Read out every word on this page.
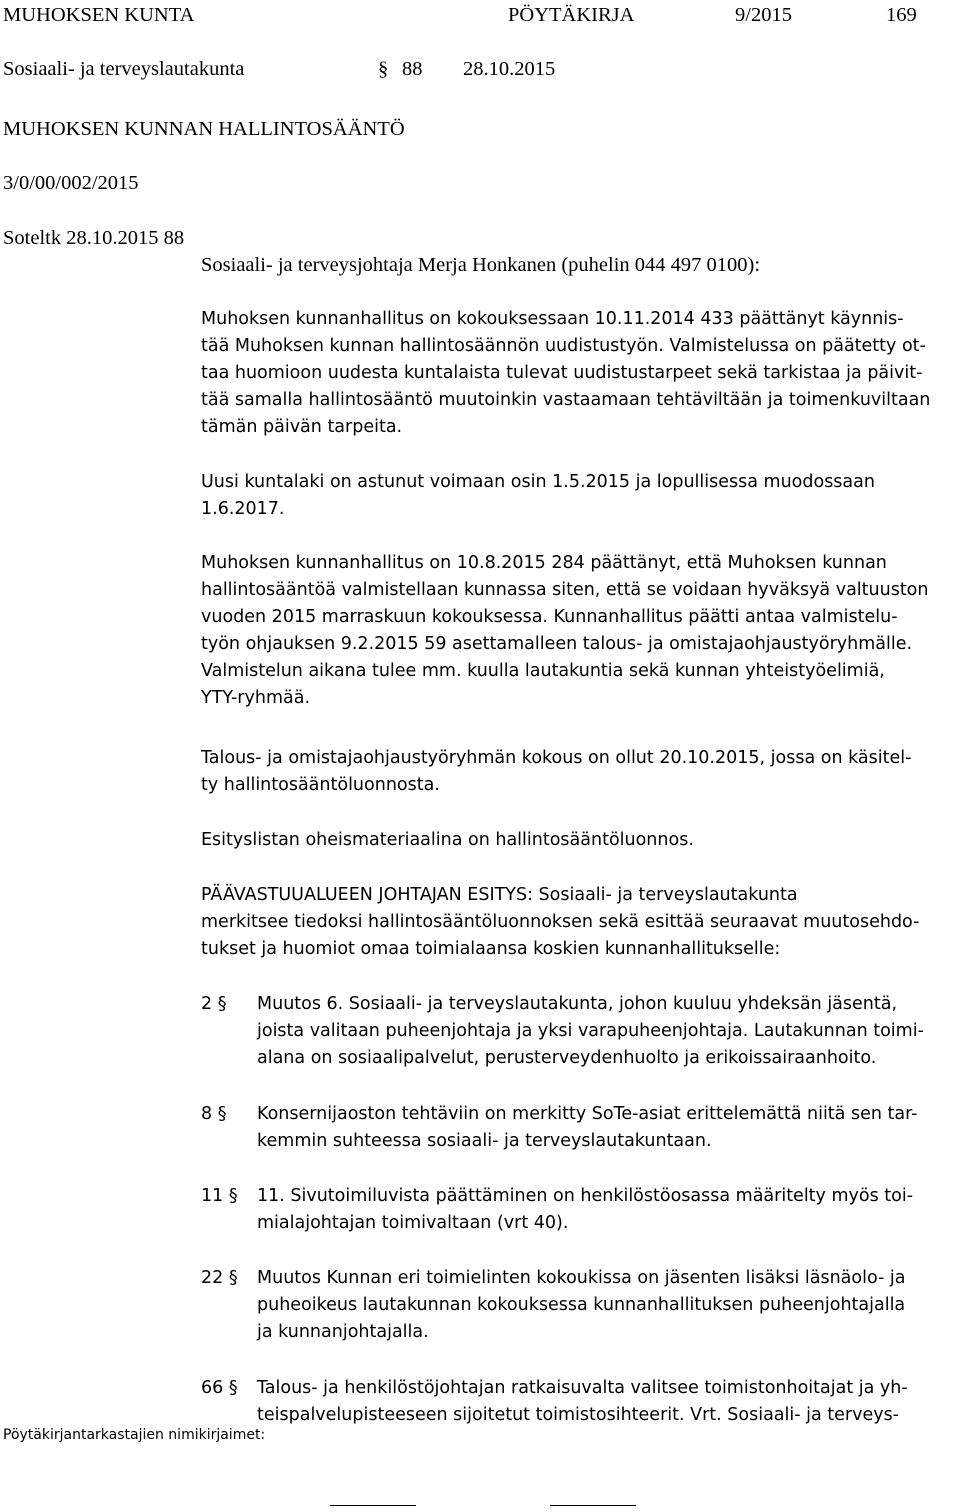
MUHOKSEN KUNTA	PÖYTÄKIRJA	9/2015	169
Sosiaali- ja terveyslautakunta	§ 88 28.10.2015
MUHOKSEN KUNNAN HALLINTOSÄÄNTÖ
3/0/00/002/2015
Soteltk 28.10.2015 88
Sosiaali- ja terveysjohtaja Merja Honkanen (puhelin 044 497 0100):
Muhoksen kunnanhallitus on kokouksessaan 10.11.2014 433 päättänyt käynnis-
tää Muhoksen kunnan hallintosäännön uudistustyön. Valmistelussa on päätetty ot-
taa huomioon uudesta kuntalaista tulevat uudistustarpeet sekä tarkistaa ja päivit-
tää samalla hallintosääntö muutoinkin vastaamaan tehtäviltään ja toimenkuviltaan
tämän päivän tarpeita.
Uusi kuntalaki on astunut voimaan osin 1.5.2015 ja lopullisessa muodossaan
1.6.2017.
Muhoksen kunnanhallitus on 10.8.2015 284 päättänyt, että Muhoksen kunnan
hallintosääntöä valmistellaan kunnassa siten, että se voidaan hyväksyä valtuuston
vuoden 2015 marraskuun kokouksessa. Kunnanhallitus päätti antaa valmistelu-
työn ohjauksen 9.2.2015 59 asettamalleen talous- ja omistajaohjaustyöryhmälle.
Valmistelun aikana tulee mm. kuulla lautakuntia sekä kunnan yhteistyöelimiä,
YTY-ryhmää.
Talous- ja omistajaohjaustyöryhmän kokous on ollut 20.10.2015, jossa on käsitel-
ty hallintosääntöluonnosta.
Esityslistan oheismateriaalina on hallintosääntöluonnos.
PÄÄVASTUUALUEEN JOHTAJAN ESITYS: Sosiaali- ja terveyslautakunta
merkitsee tiedoksi hallintosääntöluonnoksen sekä esittää seuraavat muutosehdo-
tukset ja huomiot omaa toimialaansa koskien kunnanhallitukselle:
2 § Muutos 6. Sosiaali- ja terveyslautakunta, johon kuuluu yhdeksän jäsentä,
joista valitaan puheenjohtaja ja yksi varapuheenjohtaja. Lautakunnan toimi-
alana on sosiaalipalvelut, perusterveydenhuolto ja erikoissairaanhoito.
8 § Konsernijaoston tehtäviin on merkitty SoTe-asiat erittelemättä niitä sen tar-
kemmin suhteessa sosiaali- ja terveyslautakuntaan.
11 § 11. Sivutoimiluvista päättäminen on henkilöstöosassa määritelty myös toi-
mialajohtajan toimivaltaan (vrt 40).
22 § Muutos Kunnan eri toimielinten kokoukissa on jäsenten lisäksi läsnäolo- ja
puheoikeus lautakunnan kokouksessa kunnanhallituksen puheenjohtajalla
ja kunnanjohtajalla.
66 § Talous- ja henkilöstöjohtajan ratkaisuvalta valitsee toimistonhoitajat ja yh-
teispalvelupisteeseen sijoitetut toimistosihteerit. Vrt. Sosiaali- ja terveys-
Pöytäkirjantarkastajien nimikirjaimet:
